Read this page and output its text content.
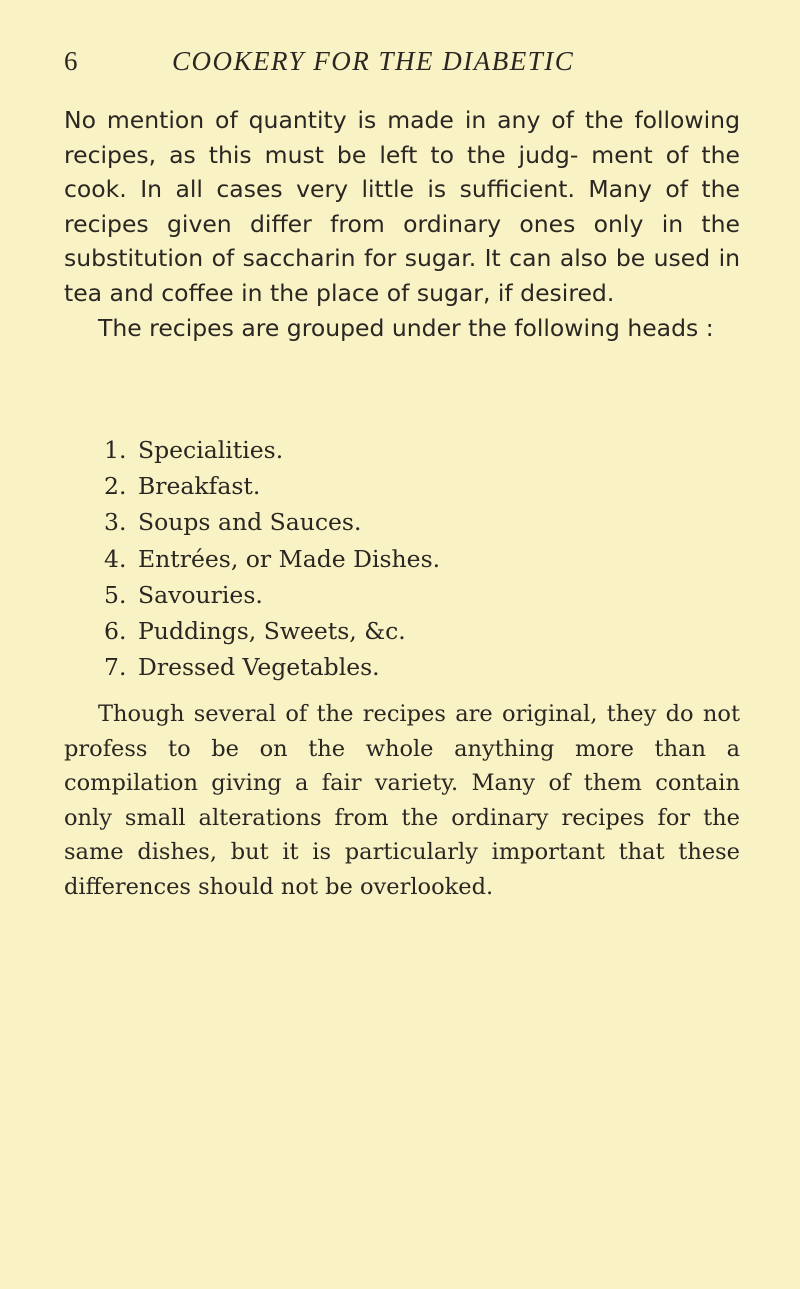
6	COOKERY FOR THE DIABETIC

No mention of quantity is made in any of the following recipes, as this must be left to the judg- ment of the cook. In all cases very little is sufficient. Many of the recipes given differ from ordinary ones only in the substitution of saccharin for sugar. It can also be used in tea and coffee in the place of sugar, if desired.

The recipes are grouped under the following heads :

1. Specialities.
2. Breakfast.
3. Soups and Sauces.
4. Entrées, or Made Dishes.
5. Savouries.
6. Puddings, Sweets, &c.
7. Dressed Vegetables.

Though several of the recipes are original, they do not profess to be on the whole anything more than a compilation giving a fair variety. Many of them contain only small alterations from the ordinary recipes for the same dishes, but it is particularly important that these differences should not be overlooked.
